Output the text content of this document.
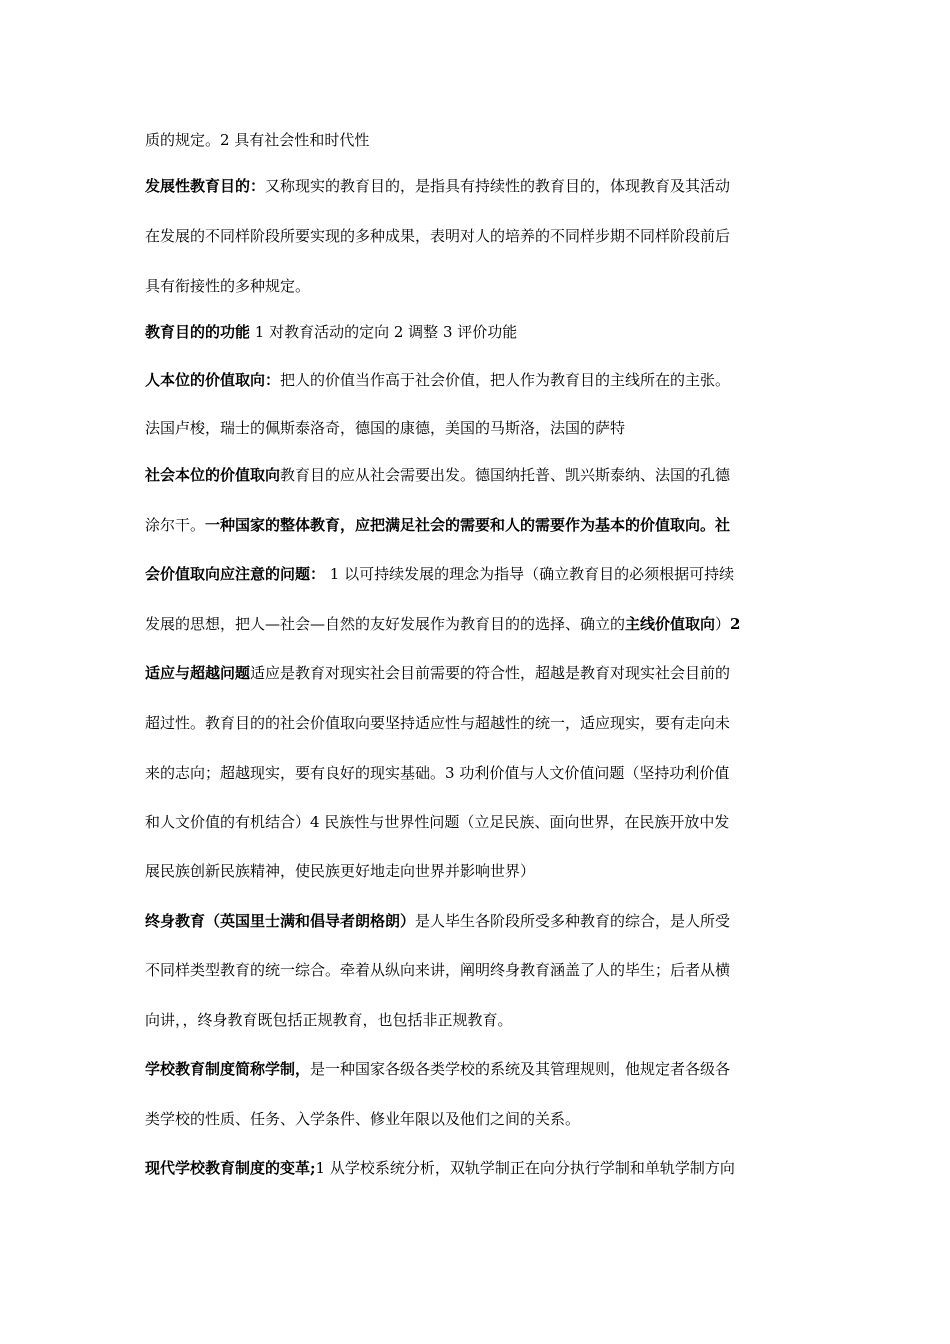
质的规定。2 具有社会性和时代性
发展性教育目的：又称现实的教育目的，是指具有持续性的教育目的，体现教育及其活动
在发展的不同样阶段所要实现的多种成果，表明对人的培养的不同样步期不同样阶段前后
具有衔接性的多种规定。
教育目的的功能 1 对教育活动的定向 2 调整 3 评价功能
人本位的价值取向：把人的价值当作高于社会价值，把人作为教育目的主线所在的主张。
法国卢梭，瑞士的佩斯泰洛奇，德国的康德，美国的马斯洛，法国的萨特
社会本位的价值取向教育目的应从社会需要出发。德国纳托普、凯兴斯泰纳、法国的孔德
涂尔干。一种国家的整体教育，应把满足社会的需要和人的需要作为基本的价值取向。社
会价值取向应注意的问题： 1 以可持续发展的理念为指导（确立教育目的必须根据可持续
发展的思想，把人—社会—自然的友好发展作为教育目的的选择、确立的主线价值取向）2
适应与超越问题适应是教育对现实社会目前需要的符合性，超越是教育对现实社会目前的
超过性。教育目的的社会价值取向要坚持适应性与超越性的统一，适应现实，要有走向未
来的志向；超越现实，要有良好的现实基础。3 功利价值与人文价值问题（坚持功利价值
和人文价值的有机结合）4 民族性与世界性问题（立足民族、面向世界，在民族开放中发
展民族创新民族精神，使民族更好地走向世界并影响世界）
终身教育（英国里士满和倡导者朗格朗）是人毕生各阶段所受多种教育的综合，是人所受
不同样类型教育的统一综合。牵着从纵向来讲，阐明终身教育涵盖了人的毕生；后者从横
向讲，，终身教育既包括正规教育，也包括非正规教育。
学校教育制度简称学制，是一种国家各级各类学校的系统及其管理规则，他规定者各级各
类学校的性质、任务、入学条件、修业年限以及他们之间的关系。
现代学校教育制度的变革;1 从学校系统分析，双轨学制正在向分执行学制和单轨学制方向
